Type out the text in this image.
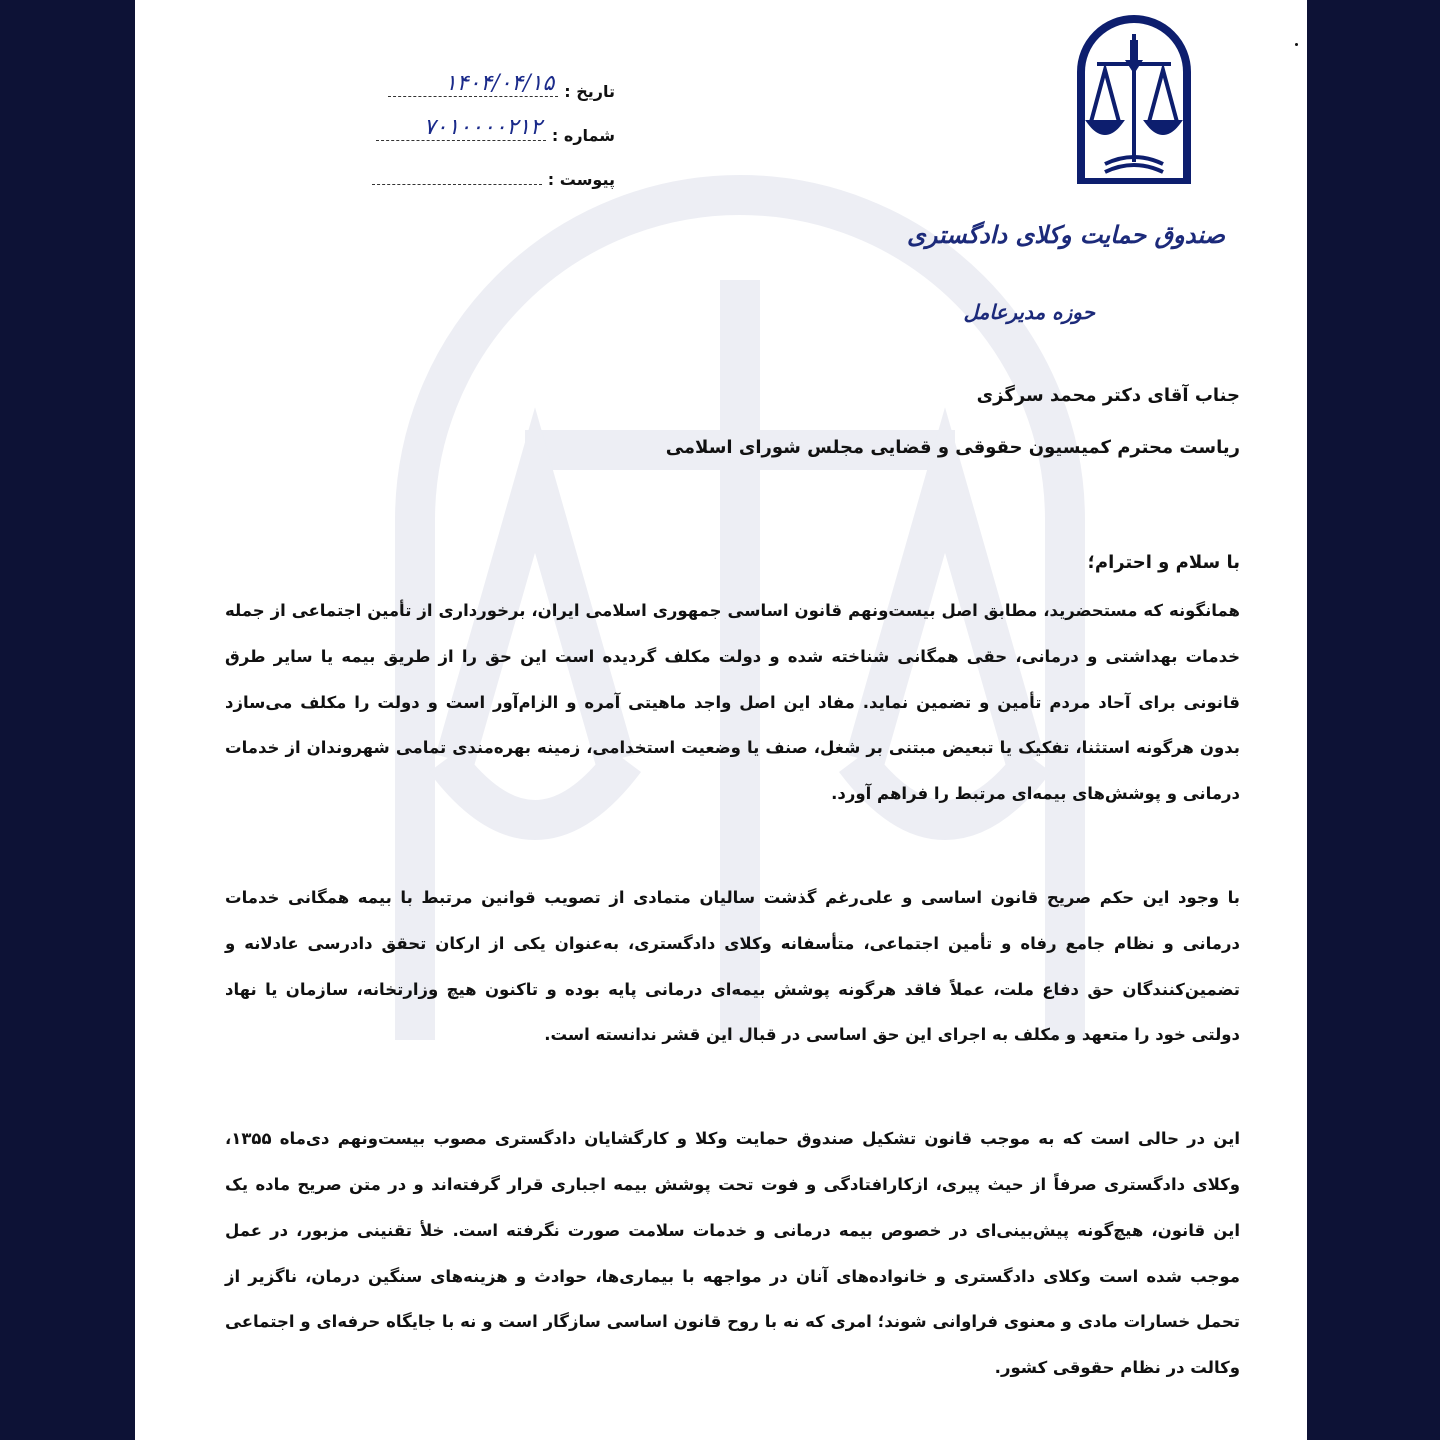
تاریخ :
۱۴۰۴/۰۴/۱۵
شماره :
۷۰۱۰۰۰۰۲۱۲
پیوست :
صندوق حمایت وکلای دادگستری
حوزه مدیرعامل

جناب آقای دکتر محمد سرگزی

ریاست محترم کمیسیون حقوقی و قضایی مجلس شورای اسلامی

با سلام و احترام؛

همانگونه که مستحضرید، مطابق اصل بیست‌ونهم قانون اساسی جمهوری اسلامی ایران، برخورداری از تأمین اجتماعی از جمله خدمات بهداشتی و درمانی، حقی همگانی شناخته شده و دولت مکلف گردیده است این حق را از طریق بیمه یا سایر طرق قانونی برای آحاد مردم تأمین و تضمین نماید. مفاد این اصل واجد ماهیتی آمره و الزام‌آور است و دولت را مکلف می‌سازد بدون هرگونه استثنا، تفکیک یا تبعیض مبتنی بر شغل، صنف یا وضعیت استخدامی، زمینه بهره‌مندی تمامی شهروندان از خدمات درمانی و پوشش‌های بیمه‌ای مرتبط را فراهم آورد.

با وجود این حکم صریح قانون اساسی و علی‌رغم گذشت سالیان متمادی از تصویب قوانین مرتبط با بیمه همگانی خدمات درمانی و نظام جامع رفاه و تأمین اجتماعی، متأسفانه وکلای دادگستری، به‌عنوان یکی از ارکان تحقق دادرسی عادلانه و تضمین‌کنندگان حق دفاع ملت، عملاً فاقد هرگونه پوشش بیمه‌ای درمانی پایه بوده و تاکنون هیچ وزارتخانه، سازمان یا نهاد دولتی خود را متعهد و مکلف به اجرای این حق اساسی در قبال این قشر ندانسته است.

این در حالی است که به موجب قانون تشکیل صندوق حمایت وکلا و کارگشایان دادگستری مصوب بیست‌ونهم دی‌ماه ۱۳۵۵، وکلای دادگستری صرفاً از حیث پیری، ازکارافتادگی و فوت تحت پوشش بیمه اجباری قرار گرفته‌اند و در متن صریح ماده یک این قانون، هیچ‌گونه پیش‌بینی‌ای در خصوص بیمه درمانی و خدمات سلامت صورت نگرفته است. خلأ تقنینی مزبور، در عمل موجب شده است وکلای دادگستری و خانواده‌های آنان در مواجهه با بیماری‌ها، حوادث و هزینه‌های سنگین درمان، ناگزیر از تحمل خسارات مادی و معنوی فراوانی شوند؛ امری که نه با روح قانون اساسی سازگار است و نه با جایگاه حرفه‌ای و اجتماعی وکالت در نظام حقوقی کشور.
